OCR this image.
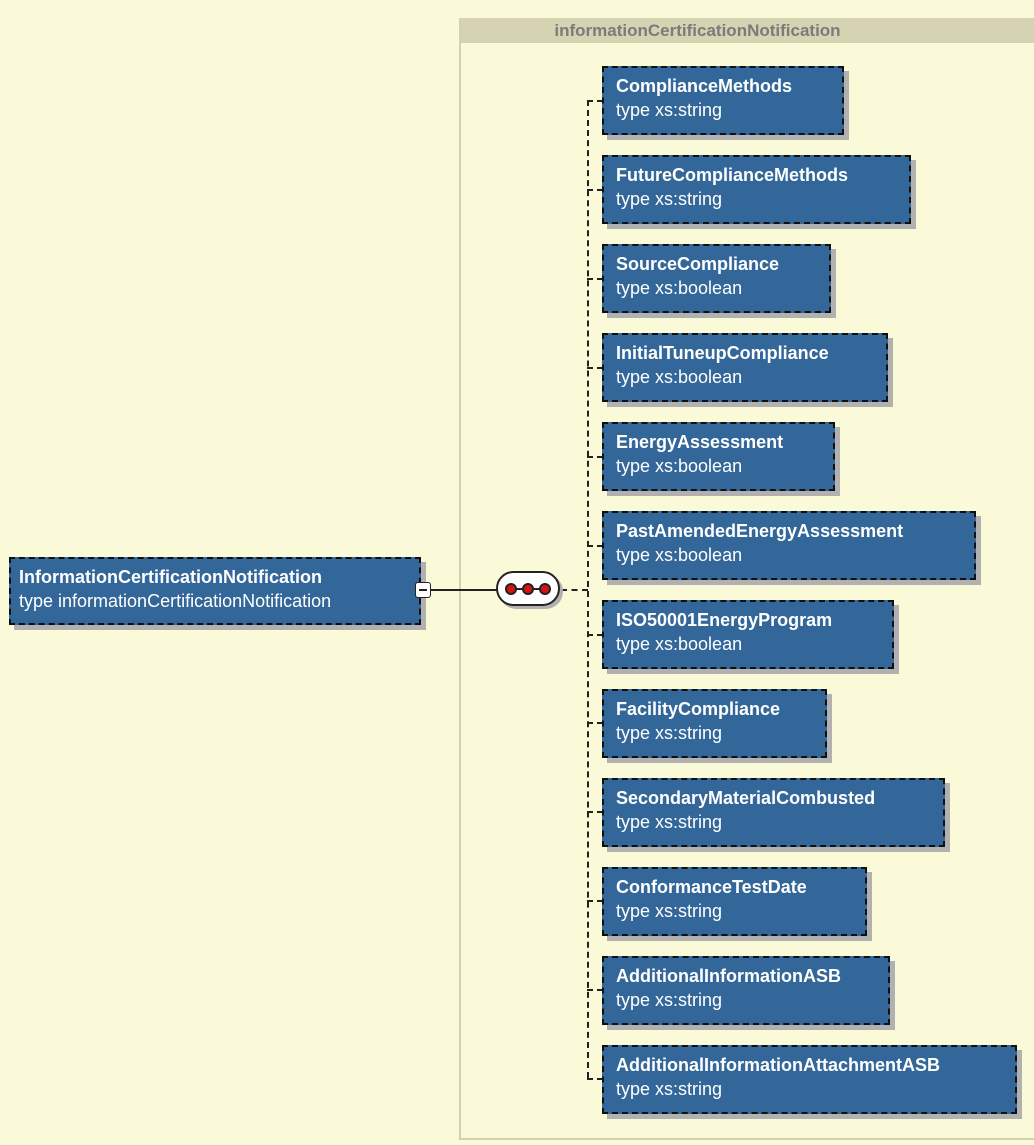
informationCertificationNotification
InformationCertificationNotification
type informationCertificationNotification
ComplianceMethods
type xs:string
FutureComplianceMethods
type xs:string
SourceCompliance
type xs:boolean
InitialTuneupCompliance
type xs:boolean
EnergyAssessment
type xs:boolean
PastAmendedEnergyAssessment
type xs:boolean
ISO50001EnergyProgram
type xs:boolean
FacilityCompliance
type xs:string
SecondaryMaterialCombusted
type xs:string
ConformanceTestDate
type xs:string
AdditionalInformationASB
type xs:string
AdditionalInformationAttachmentASB
type xs:string
